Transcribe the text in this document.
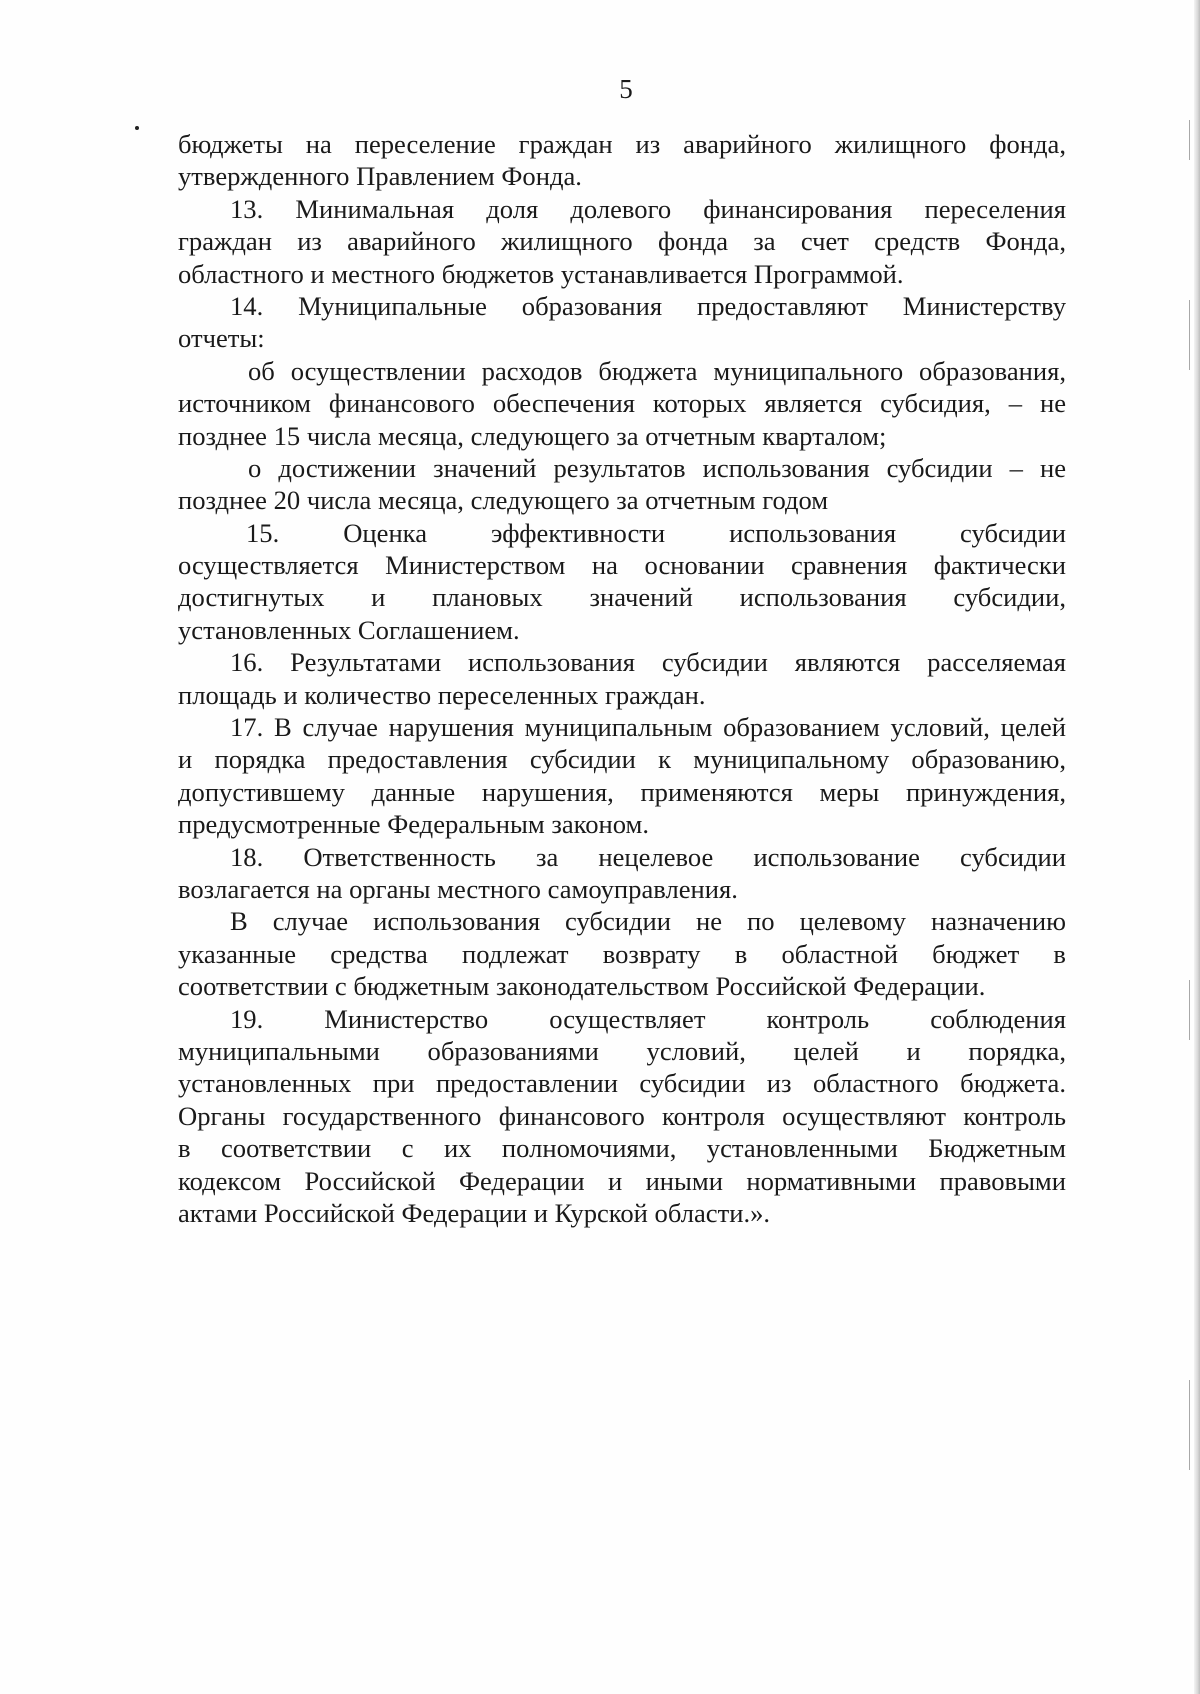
5
бюджеты на переселение граждан из аварийного жилищного фонда,
утвержденного Правлением Фонда.
13. Минимальная доля долевого финансирования переселения
граждан из аварийного жилищного фонда за счет средств Фонда,
областного и местного бюджетов устанавливается Программой.
14. Муниципальные образования предоставляют Министерству
отчеты:
об осуществлении расходов бюджета муниципального образования,
источником финансового обеспечения которых является субсидия, – не
позднее 15 числа месяца, следующего за отчетным кварталом;
о достижении значений результатов использования субсидии – не
позднее 20 числа месяца, следующего за отчетным годом
15. Оценка эффективности использования субсидии
осуществляется Министерством на основании сравнения фактически
достигнутых и плановых значений использования субсидии,
установленных Соглашением.
16. Результатами использования субсидии являются расселяемая
площадь и количество переселенных граждан.
17. В случае нарушения муниципальным образованием условий, целей
и порядка предоставления субсидии к муниципальному образованию,
допустившему данные нарушения, применяются меры принуждения,
предусмотренные Федеральным законом.
18. Ответственность за нецелевое использование субсидии
возлагается на органы местного самоуправления.
В случае использования субсидии не по целевому назначению
указанные средства подлежат возврату в областной бюджет в
соответствии с бюджетным законодательством Российской Федерации.
19. Министерство осуществляет контроль соблюдения
муниципальными образованиями условий, целей и порядка,
установленных при предоставлении субсидии из областного бюджета.
Органы государственного финансового контроля осуществляют контроль
в соответствии с их полномочиями, установленными Бюджетным
кодексом Российской Федерации и иными нормативными правовыми
актами Российской Федерации и Курской области.».
